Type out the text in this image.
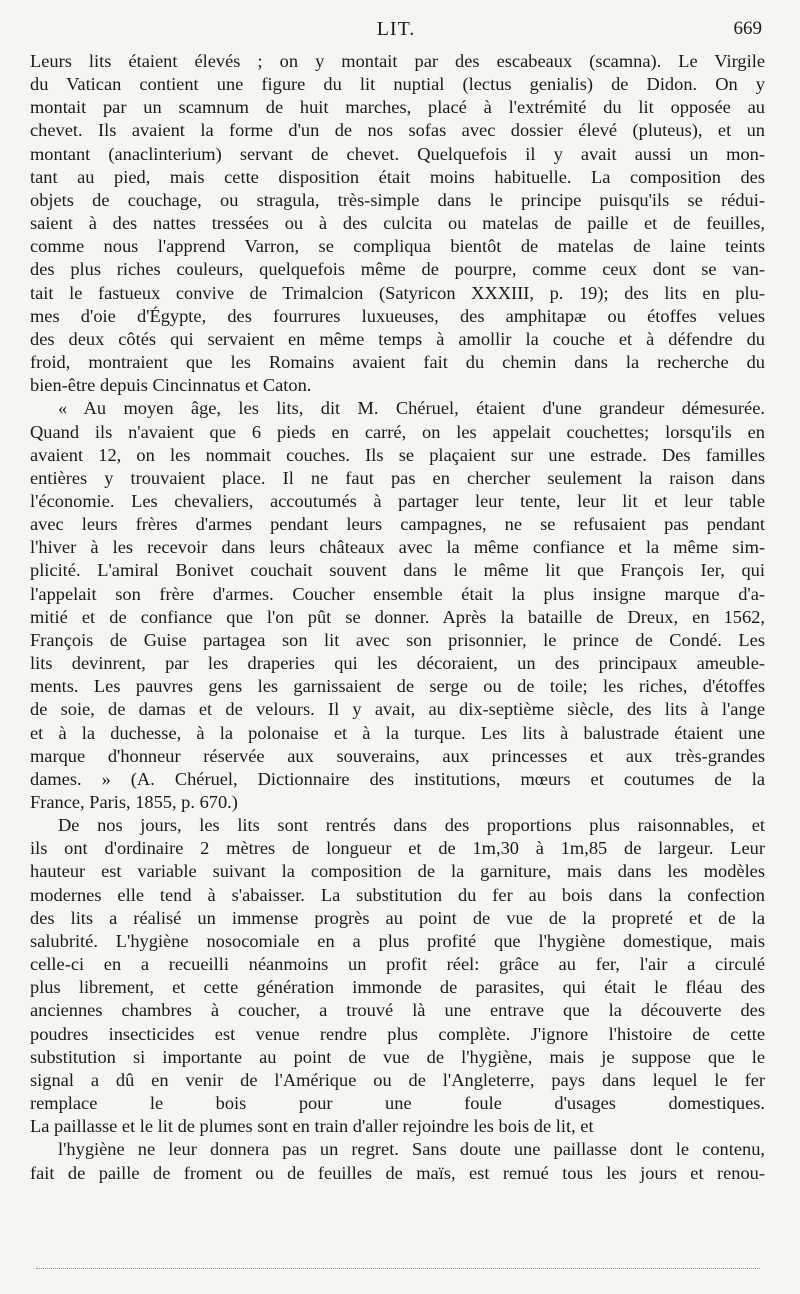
LIT.	669
Leurs lits étaient élevés ; on y montait par des escabeaux (scamna). Le Virgile
du Vatican contient une figure du lit nuptial (lectus genialis) de Didon. On y
montait par un scamnum de huit marches, placé à l'extrémité du lit opposée au
chevet. Ils avaient la forme d'un de nos sofas avec dossier élevé (pluteus), et un
montant (anaclinterium) servant de chevet. Quelquefois il y avait aussi un mon-
tant au pied, mais cette disposition était moins habituelle. La composition des
objets de couchage, ou stragula, très-simple dans le principe puisqu'ils se rédui-
saient à des nattes tressées ou à des culcita ou matelas de paille et de feuilles,
comme nous l'apprend Varron, se compliqua bientôt de matelas de laine teints
des plus riches couleurs, quelquefois même de pourpre, comme ceux dont se van-
tait le fastueux convive de Trimalcion (Satyricon XXXIII, p. 19); des lits en plu-
mes d'oie d'Égypte, des fourrures luxueuses, des amphitapæ ou étoffes velues
des deux côtés qui servaient en même temps à amollir la couche et à défendre du
froid, montraient que les Romains avaient fait du chemin dans la recherche du
bien-être depuis Cincinnatus et Caton.
« Au moyen âge, les lits, dit M. Chéruel, étaient d'une grandeur démesurée.
Quand ils n'avaient que 6 pieds en carré, on les appelait couchettes; lorsqu'ils en
avaient 12, on les nommait couches. Ils se plaçaient sur une estrade. Des familles
entières y trouvaient place. Il ne faut pas en chercher seulement la raison dans
l'économie. Les chevaliers, accoutumés à partager leur tente, leur lit et leur table
avec leurs frères d'armes pendant leurs campagnes, ne se refusaient pas pendant
l'hiver à les recevoir dans leurs châteaux avec la même confiance et la même sim-
plicité. L'amiral Bonivet couchait souvent dans le même lit que François Ier, qui
l'appelait son frère d'armes. Coucher ensemble était la plus insigne marque d'a-
mitié et de confiance que l'on pût se donner. Après la bataille de Dreux, en 1562,
François de Guise partagea son lit avec son prisonnier, le prince de Condé. Les
lits devinrent, par les draperies qui les décoraient, un des principaux ameuble-
ments. Les pauvres gens les garnissaient de serge ou de toile; les riches, d'étoffes
de soie, de damas et de velours. Il y avait, au dix-septième siècle, des lits à l'ange
et à la duchesse, à la polonaise et à la turque. Les lits à balustrade étaient une
marque d'honneur réservée aux souverains, aux princesses et aux très-grandes
dames. » (A. Chéruel, Dictionnaire des institutions, mœurs et coutumes de la
France, Paris, 1855, p. 670.)
De nos jours, les lits sont rentrés dans des proportions plus raisonnables, et
ils ont d'ordinaire 2 mètres de longueur et de 1m,30 à 1m,85 de largeur. Leur
hauteur est variable suivant la composition de la garniture, mais dans les modèles
modernes elle tend à s'abaisser. La substitution du fer au bois dans la confection
des lits a réalisé un immense progrès au point de vue de la propreté et de la
salubrité. L'hygiène nosocomiale en a plus profité que l'hygiène domestique, mais
celle-ci en a recueilli néanmoins un profit réel: grâce au fer, l'air a circulé
plus librement, et cette génération immonde de parasites, qui était le fléau des
anciennes chambres à coucher, a trouvé là une entrave que la découverte des
poudres insecticides est venue rendre plus complète. J'ignore l'histoire de cette
substitution si importante au point de vue de l'hygiène, mais je suppose que le
signal a dû en venir de l'Amérique ou de l'Angleterre, pays dans lequel le fer
remplace le bois pour une foule d'usages domestiques.
La paillasse et le lit de plumes sont en train d'aller rejoindre les bois de lit, et
l'hygiène ne leur donnera pas un regret. Sans doute une paillasse dont le contenu,
fait de paille de froment ou de feuilles de maïs, est remué tous les jours et renou-
